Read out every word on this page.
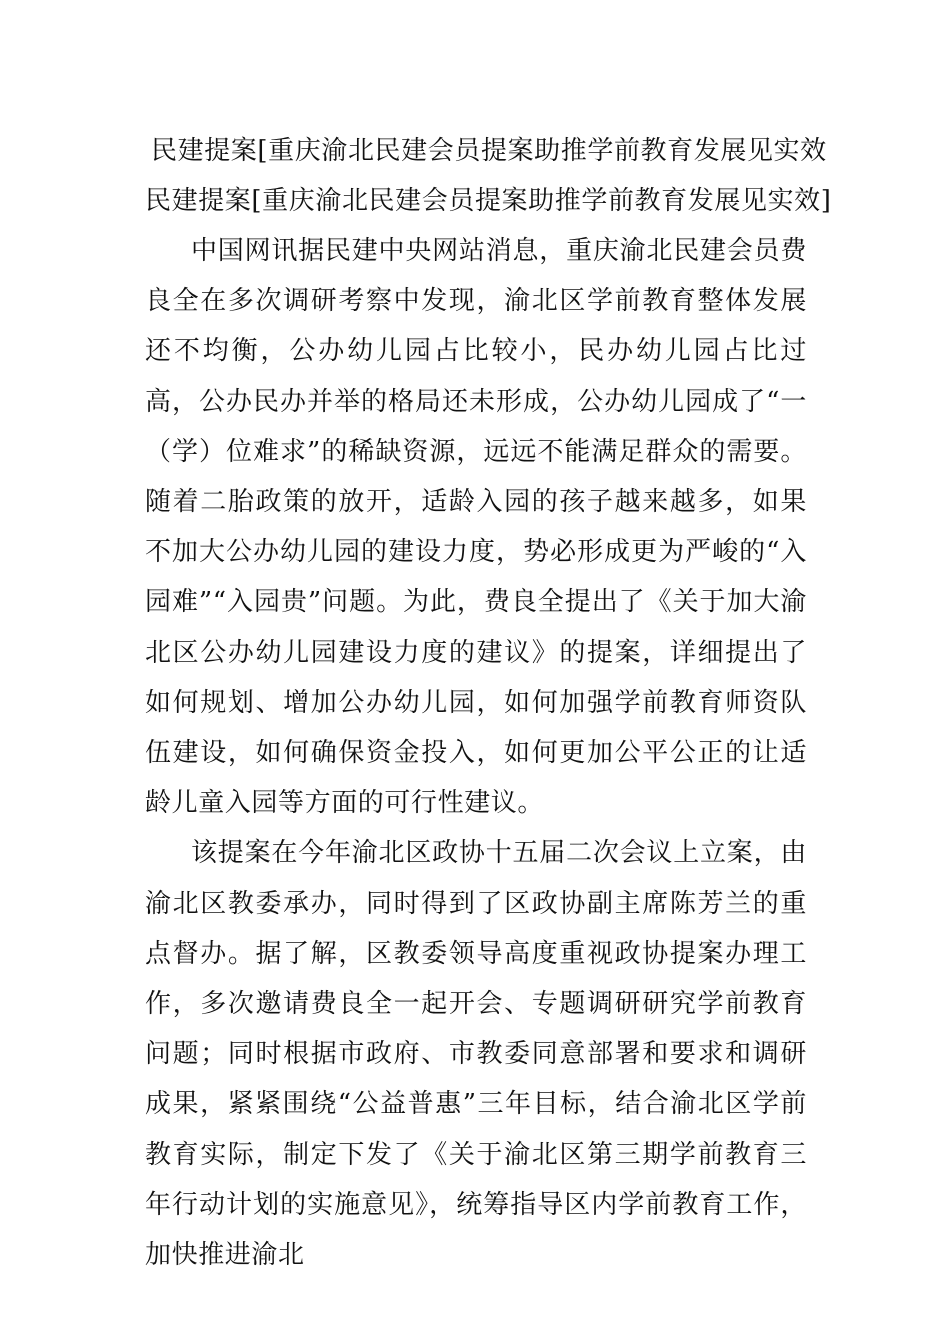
民建提案[重庆渝北民建会员提案助推学前教育发展见实效
民建提案[重庆渝北民建会员提案助推学前教育发展见实效]

中国网讯据民建中央网站消息，重庆渝北民建会员费良全在多次调研考察中发现，渝北区学前教育整体发展还不均衡，公办幼儿园占比较小，民办幼儿园占比过高，公办民办并举的格局还未形成，公办幼儿园成了“一（学）位难求”的稀缺资源，远远不能满足群众的需要。随着二胎政策的放开，适龄入园的孩子越来越多，如果不加大公办幼儿园的建设力度，势必形成更为严峻的“入园难”“入园贵”问题。为此，费良全提出了《关于加大渝北区公办幼儿园建设力度的建议》的提案，详细提出了如何规划、增加公办幼儿园，如何加强学前教育师资队伍建设，如何确保资金投入，如何更加公平公正的让适龄儿童入园等方面的可行性建议。

该提案在今年渝北区政协十五届二次会议上立案，由渝北区教委承办，同时得到了区政协副主席陈芳兰的重点督办。据了解，区教委领导高度重视政协提案办理工作，多次邀请费良全一起开会、专题调研研究学前教育问题；同时根据市政府、市教委同意部署和要求和调研成果，紧紧围绕“公益普惠”三年目标，结合渝北区学前教育实际，制定下发了《关于渝北区第三期学前教育三年行动计划的实施意见》，统筹指导区内学前教育工作，加快推进渝北
